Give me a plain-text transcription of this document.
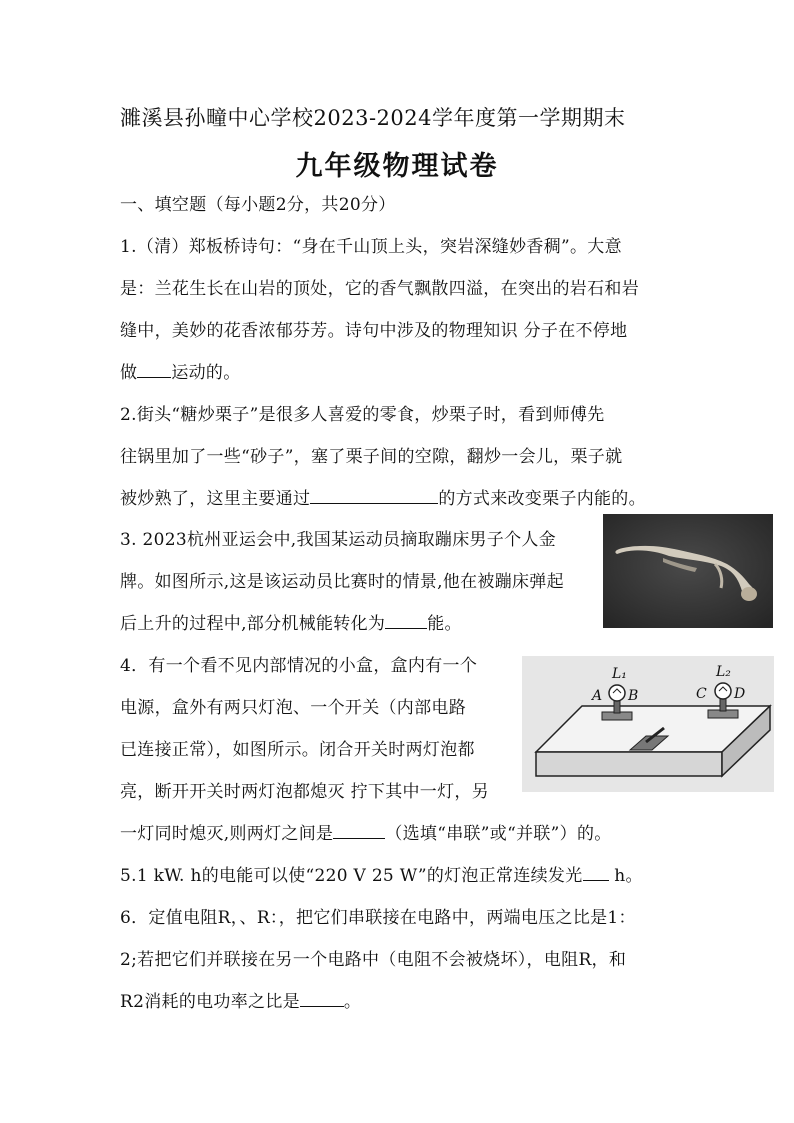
濉溪县孙疃中心学校2023-2024学年度第一学期期末
九年级物理试卷
一、填空题（每小题2分，共20分）
1.（清）郑板桥诗句：“身在千山顶上头，突岩深缝妙香稠”。大意
是：兰花生长在山岩的顶处，它的香气飘散四溢，在突出的岩石和岩
缝中，美妙的花香浓郁芬芳。诗句中涉及的物理知识 分子在不停地
做 运动的。
2.街头“糖炒栗子”是很多人喜爱的零食，炒栗子时，看到师傅先
往锅里加了一些“砂子”，塞了栗子间的空隙，翻炒一会儿，栗子就
被炒熟了，这里主要通过	的方式来改变栗子内能的。
3. 2023杭州亚运会中,我国某运动员摘取蹦床男子个人金
牌。如图所示,这是该运动员比赛时的情景,他在被蹦床弹起
后上升的过程中,部分机械能转化为 能。
4．有一个看不见内部情况的小盒，盒内有一个
电源，盒外有两只灯泡、一个开关（内部电路
已连接正常），如图所示。闭合开关时两灯泡都
亮，断开开关时两灯泡都熄灭 拧下其中一灯，另
一灯同时熄灭,则两灯之间是	（选填“串联”或“并联”）的。
L₁	L₂
A B	C D
5.1 kW. h的电能可以使“220 V 25 W”的灯泡正常连续发光 h。
6．定值电阻R，、R：，把它们串联接在电路中，两端电压之比是1：
2;若把它们并联接在另一个电路中（电阻不会被烧坏），电阻R，和
R2消耗的电功率之比是	。
